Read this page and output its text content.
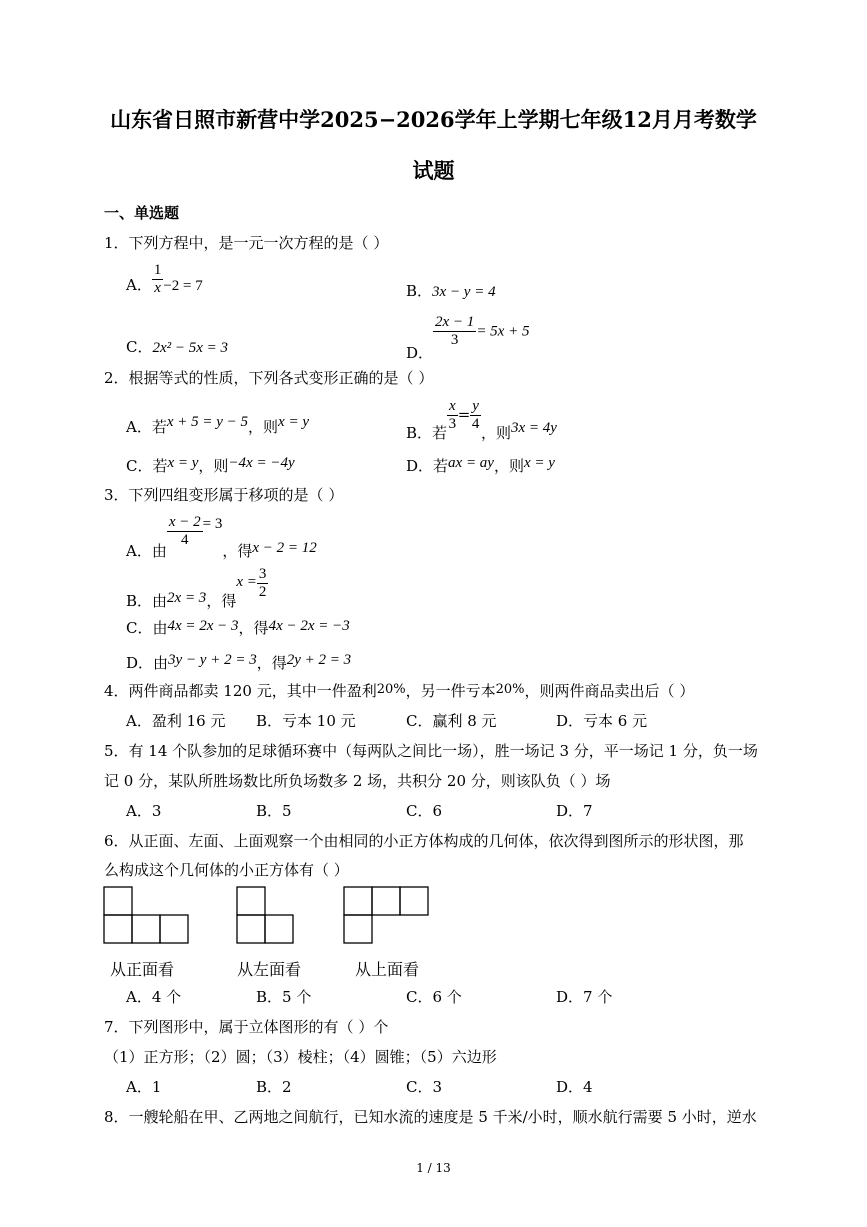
山东省日照市新营中学2025−2026学年上学期七年级12月月考数学
试题
一、单选题
1．下列方程中，是一元一次方程的是（ ）
A． $\frac{1}{x} -2 = 7$	B．3x − y = 4
C．2x² − 5x = 3	D．
$\frac{2x - 1}{3} = 5x + 5$
2．根据等式的性质，下列各式变形正确的是（ ）
A．若x + 5 = y − 5，则x = y
B．若 $\frac{x}{3} = \frac{y}{4}$ ，则3x = 4y
C．若x = y，则−4x = −4y	D．若ax = ay，则x = y
3．下列四组变形属于移项的是（ ）
A．由
$\frac{x - 2}{4} = 3$，得x − 2 = 12
B．由2x = 3，得$x = \frac{3}{2}$
C．由4x = 2x − 3，得4x − 2x = −3
D．由3y − y + 2 = 3，得2y + 2 = 3
4．两件商品都卖 120 元，其中一件盈利20%，另一件亏本20%，则两件商品卖出后（ ）
A．盈利 16 元 B．亏本 10 元	C．赢利 8 元	D．亏本 6 元
5．有 14 个队参加的足球循环赛中（每两队之间比一场），胜一场记 3 分，平一场记 1 分，负一场
记 0 分，某队所胜场数比所负场数多 2 场，共积分 20 分，则该队负（ ）场
A．3	B．5	C．6	D．7
6．从正面、左面、上面观察一个由相同的小正方体构成的几何体，依次得到图所示的形状图，那
么构成这个几何体的小正方体有（ ）
从正面看	从左面看	从上面看
A．4 个	B．5 个	C．6 个	D．7 个
7．下列图形中，属于立体图形的有（ ）个
（1）正方形；（2）圆；（3）棱柱；（4）圆锥；（5）六边形
A．1	B．2	C．3	D．4
8．一艘轮船在甲、乙两地之间航行，已知水流的速度是 5 千米/小时，顺水航行需要 5 小时，逆水
1 / 13
